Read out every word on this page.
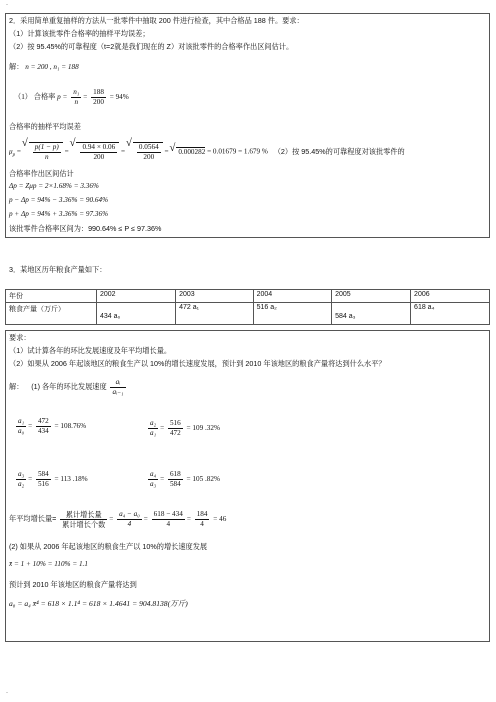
-
-
2．采用简单重复抽样的方法从一批零件中抽取 200 件进行检查，其中合格品 188 件。要求：
（1）计算该批零件合格率的抽样平均误差；
（2）按 95.45%的可靠程度（t=2就是我们现在的 Z）对该批零件的合格率作出区间估计。
解： n = 200 , n₁ = 188
（1） 合格率 $p = \frac{\text{n₁}}{n} = \frac{188}{200} = 94\%$
合格率的抽样平均误差
$\mu_p$ = √ $\frac{p(1 - p)}{n}$ = √ $\frac{0.94 \times 0.06}{200}$ = √ $\frac{0.0564}{200}$ = √ 0.000282 = 0.01679 = 1.679 % （2）按 95.45%的可靠程度对该批零件的
合格率作出区间估计
Δp = Zμp = 2×1.68% = 3.36%
p − Δp = 94% − 3.36% = 90.64%
p + Δp = 94% + 3.36% = 97.36%
该批零件合格率区间为：990.64% ≤ P ≤ 97.36%
3．某地区历年粮食产量如下：
年份	2002	2003	2004	2005	2006
粮食产量（万斤）	434 a₀	472 a₁	516 a₂	584 a₃	618 a₄
要求：
（1）试计算各年的环比发展速度及年平均增长量。
（2）如果从 2006 年起该地区的粮食生产以 10%的增长速度发展，预计到 2010 年该地区的粮食产量将达到什么水平？
解： (1) 各年的环比发展速度 $\frac{\text{aᵢ}}{\text{aᵢ₋₁}}$
$\frac{\text{a₁}}{\text{a₀}} = \frac{472}{434} = 108.76\%$	$\frac{\text{a₂}}{\text{a₁}} = \frac{516}{472} = 109$ .32%
$\frac{\text{a₃}}{\text{a₂}} = \frac{584}{516} = 113$ .18%	$\frac{\text{a₄}}{\text{a₃}} = \frac{618}{584} = 105$ .82%
年平均增长量= $\frac{\text{累计增长量}}{\text{累计增长个数}} = \frac{\text{a₄ − a₀}}{4} = \frac{618 - 434}{4} = \frac{184}{4} = 46$
(2) 如果从 2006 年起该地区的粮食生产以 10%的增长速度发展
x̄ = 1 + 10% = 110% = 1.1
预计到 2010 年该地区的粮食产量将达到
a₈ = a₄ x̄⁴ = 618 × 1.1⁴ = 618 × 1.4641 = 904.8138(万斤)
